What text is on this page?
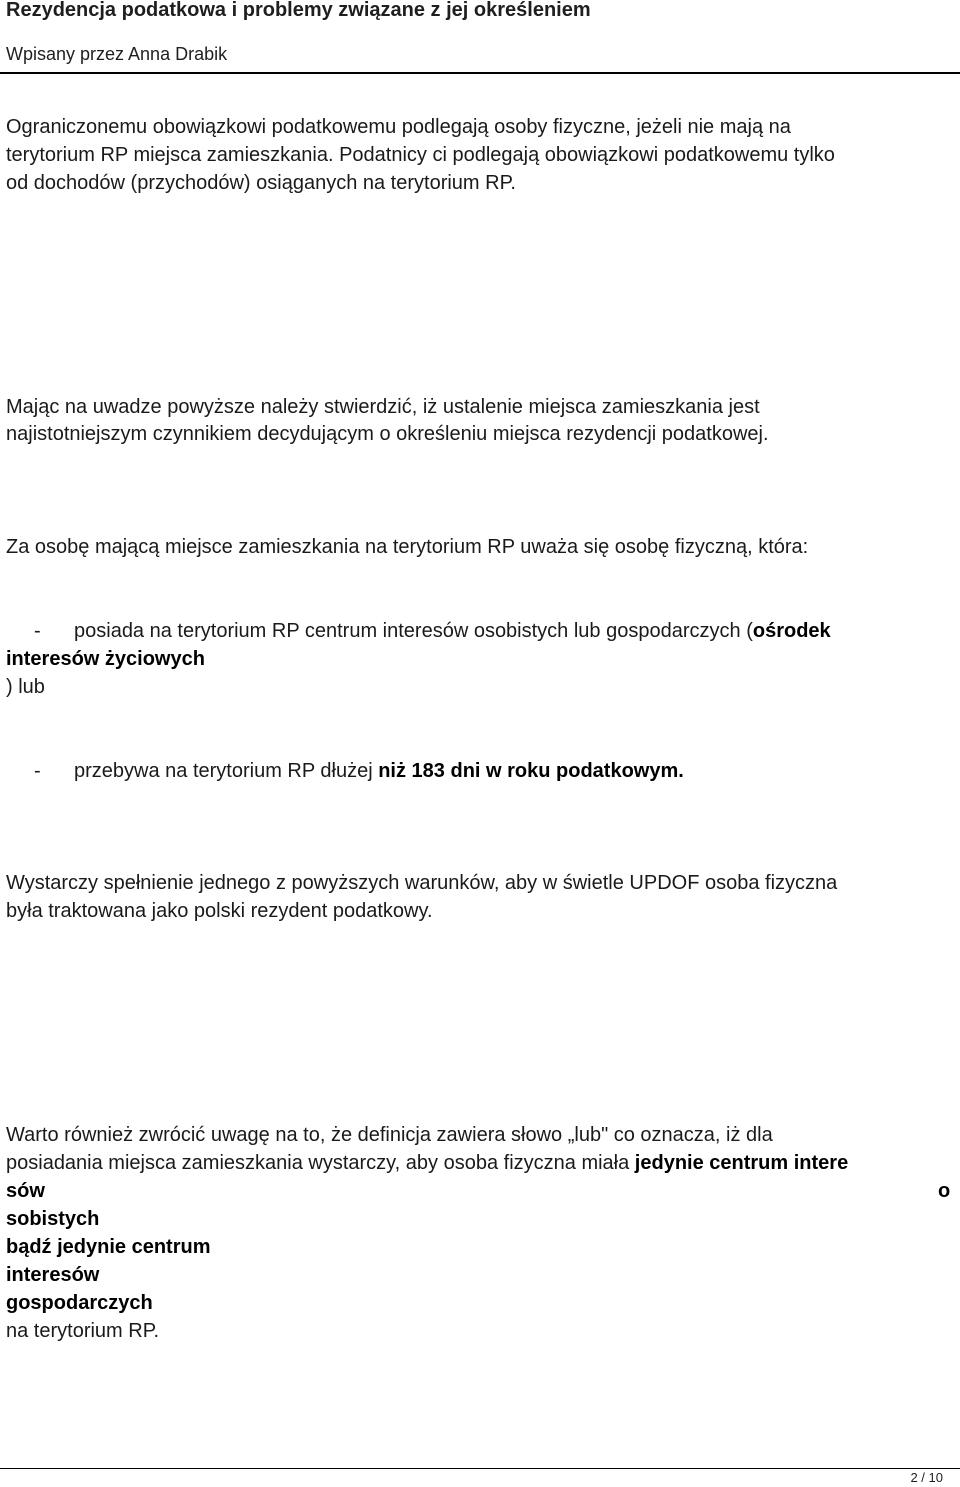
Rezydencja podatkowa i problemy związane z jej określeniem
Wpisany przez Anna Drabik
Ograniczonemu obowiązkowi podatkowemu podlegają osoby fizyczne, jeżeli nie mają na
terytorium RP miejsca zamieszkania. Podatnicy ci podlegają obowiązkowi podatkowemu tylko
od dochodów (przychodów) osiąganych na terytorium RP.
Mając na uwadze powyższe należy stwierdzić, iż ustalenie miejsca zamieszkania jest
najistotniejszym czynnikiem decydującym o określeniu miejsca rezydencji podatkowej.
Za osobę mającą miejsce zamieszkania na terytorium RP uważa się osobę fizyczną, która:
- posiada na terytorium RP centrum interesów osobistych lub gospodarczych (ośrodek
interesów życiowych
) lub
- przebywa na terytorium RP dłużej niż 183 dni w roku podatkowym.
Wystarczy spełnienie jednego z powyższych warunków, aby w świetle UPDOF osoba fizyczna
była traktowana jako polski rezydent podatkowy.
Warto również zwrócić uwagę na to, że definicja zawiera słowo „lub" co oznacza, iż dla
posiadania miejsca zamieszkania wystarczy, aby osoba fizyczna miała jedynie centrum intere
sów	o
sobistych
bądź jedynie centrum
interesów
gospodarczych
na terytorium RP.
2 / 10
